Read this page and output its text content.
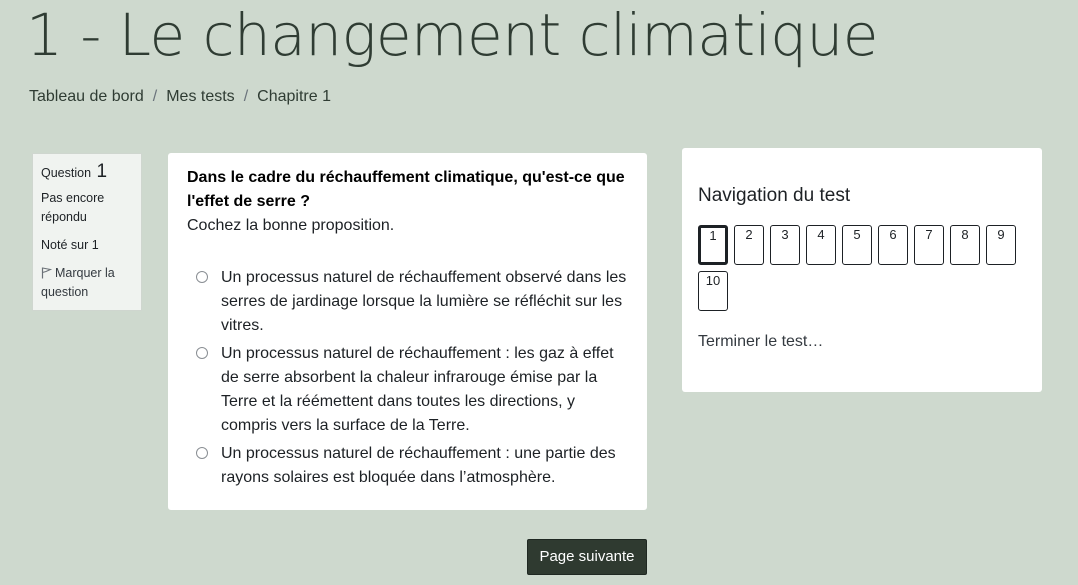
1 - Le changement climatique
Tableau de bord / Mes tests / Chapitre 1
Question 1
Pas encore répondu
Noté sur 1
Marquer la question
Dans le cadre du réchauffement climatique, qu'est-ce que l'effet de serre ?
Cochez la bonne proposition.
Un processus naturel de réchauffement observé dans les serres de jardinage lorsque la lumière se réfléchit sur les vitres.
Un processus naturel de réchauffement : les gaz à effet de serre absorbent la chaleur infrarouge émise par la Terre et la réémettent dans toutes les directions, y compris vers la surface de la Terre.
Un processus naturel de réchauffement : une partie des rayons solaires est bloquée dans l’atmosphère.
Navigation du test
1	2	3	4	5	6	7	8	9
10
Terminer le test…
Page suivante
